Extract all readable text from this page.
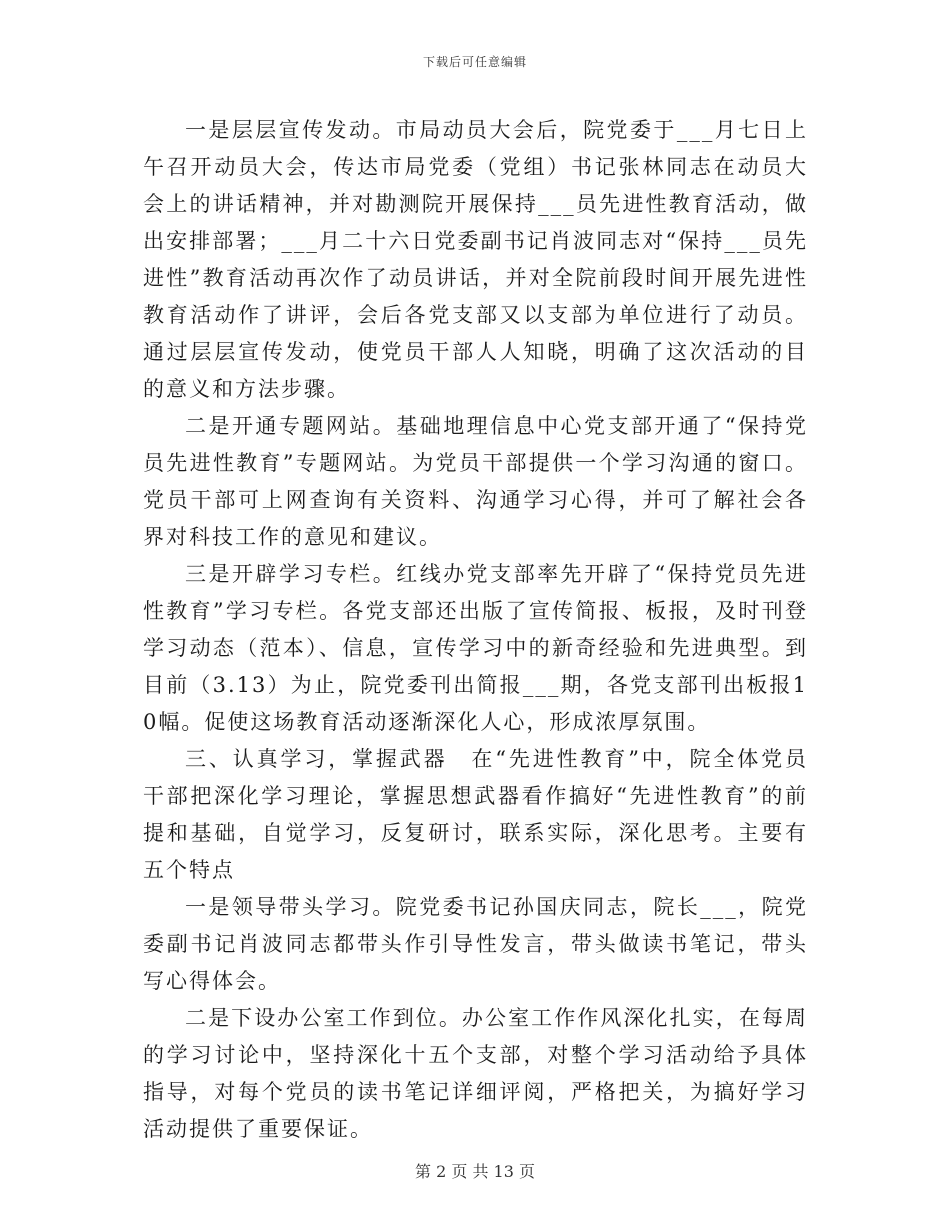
下载后可任意编辑

一是层层宣传发动。市局动员大会后，院党委于___月七日上午召开动员大会，传达市局党委（党组）书记张林同志在动员大会上的讲话精神，并对勘测院开展保持___员先进性教育活动，做出安排部署；___月二十六日党委副书记肖波同志对“保持___员先进性”教育活动再次作了动员讲话，并对全院前段时间开展先进性教育活动作了讲评，会后各党支部又以支部为单位进行了动员。通过层层宣传发动，使党员干部人人知晓，明确了这次活动的目的意义和方法步骤。

二是开通专题网站。基础地理信息中心党支部开通了“保持党员先进性教育”专题网站。为党员干部提供一个学习沟通的窗口。党员干部可上网查询有关资料、沟通学习心得，并可了解社会各界对科技工作的意见和建议。

三是开辟学习专栏。红线办党支部率先开辟了“保持党员先进性教育”学习专栏。各党支部还出版了宣传简报、板报，及时刊登学习动态（范本）、信息，宣传学习中的新奇经验和先进典型。到目前（3.13）为止，院党委刊出简报___期，各党支部刊出板报10幅。促使这场教育活动逐渐深化人心，形成浓厚氛围。

三、认真学习，掌握武器　在“先进性教育”中，院全体党员干部把深化学习理论，掌握思想武器看作搞好“先进性教育”的前提和基础，自觉学习，反复研讨，联系实际，深化思考。主要有五个特点

一是领导带头学习。院党委书记孙国庆同志，院长___，院党委副书记肖波同志都带头作引导性发言，带头做读书笔记，带头写心得体会。

二是下设办公室工作到位。办公室工作作风深化扎实，在每周的学习讨论中，坚持深化十五个支部，对整个学习活动给予具体指导，对每个党员的读书笔记详细评阅，严格把关，为搞好学习活动提供了重要保证。

第 2 页 共 13 页
